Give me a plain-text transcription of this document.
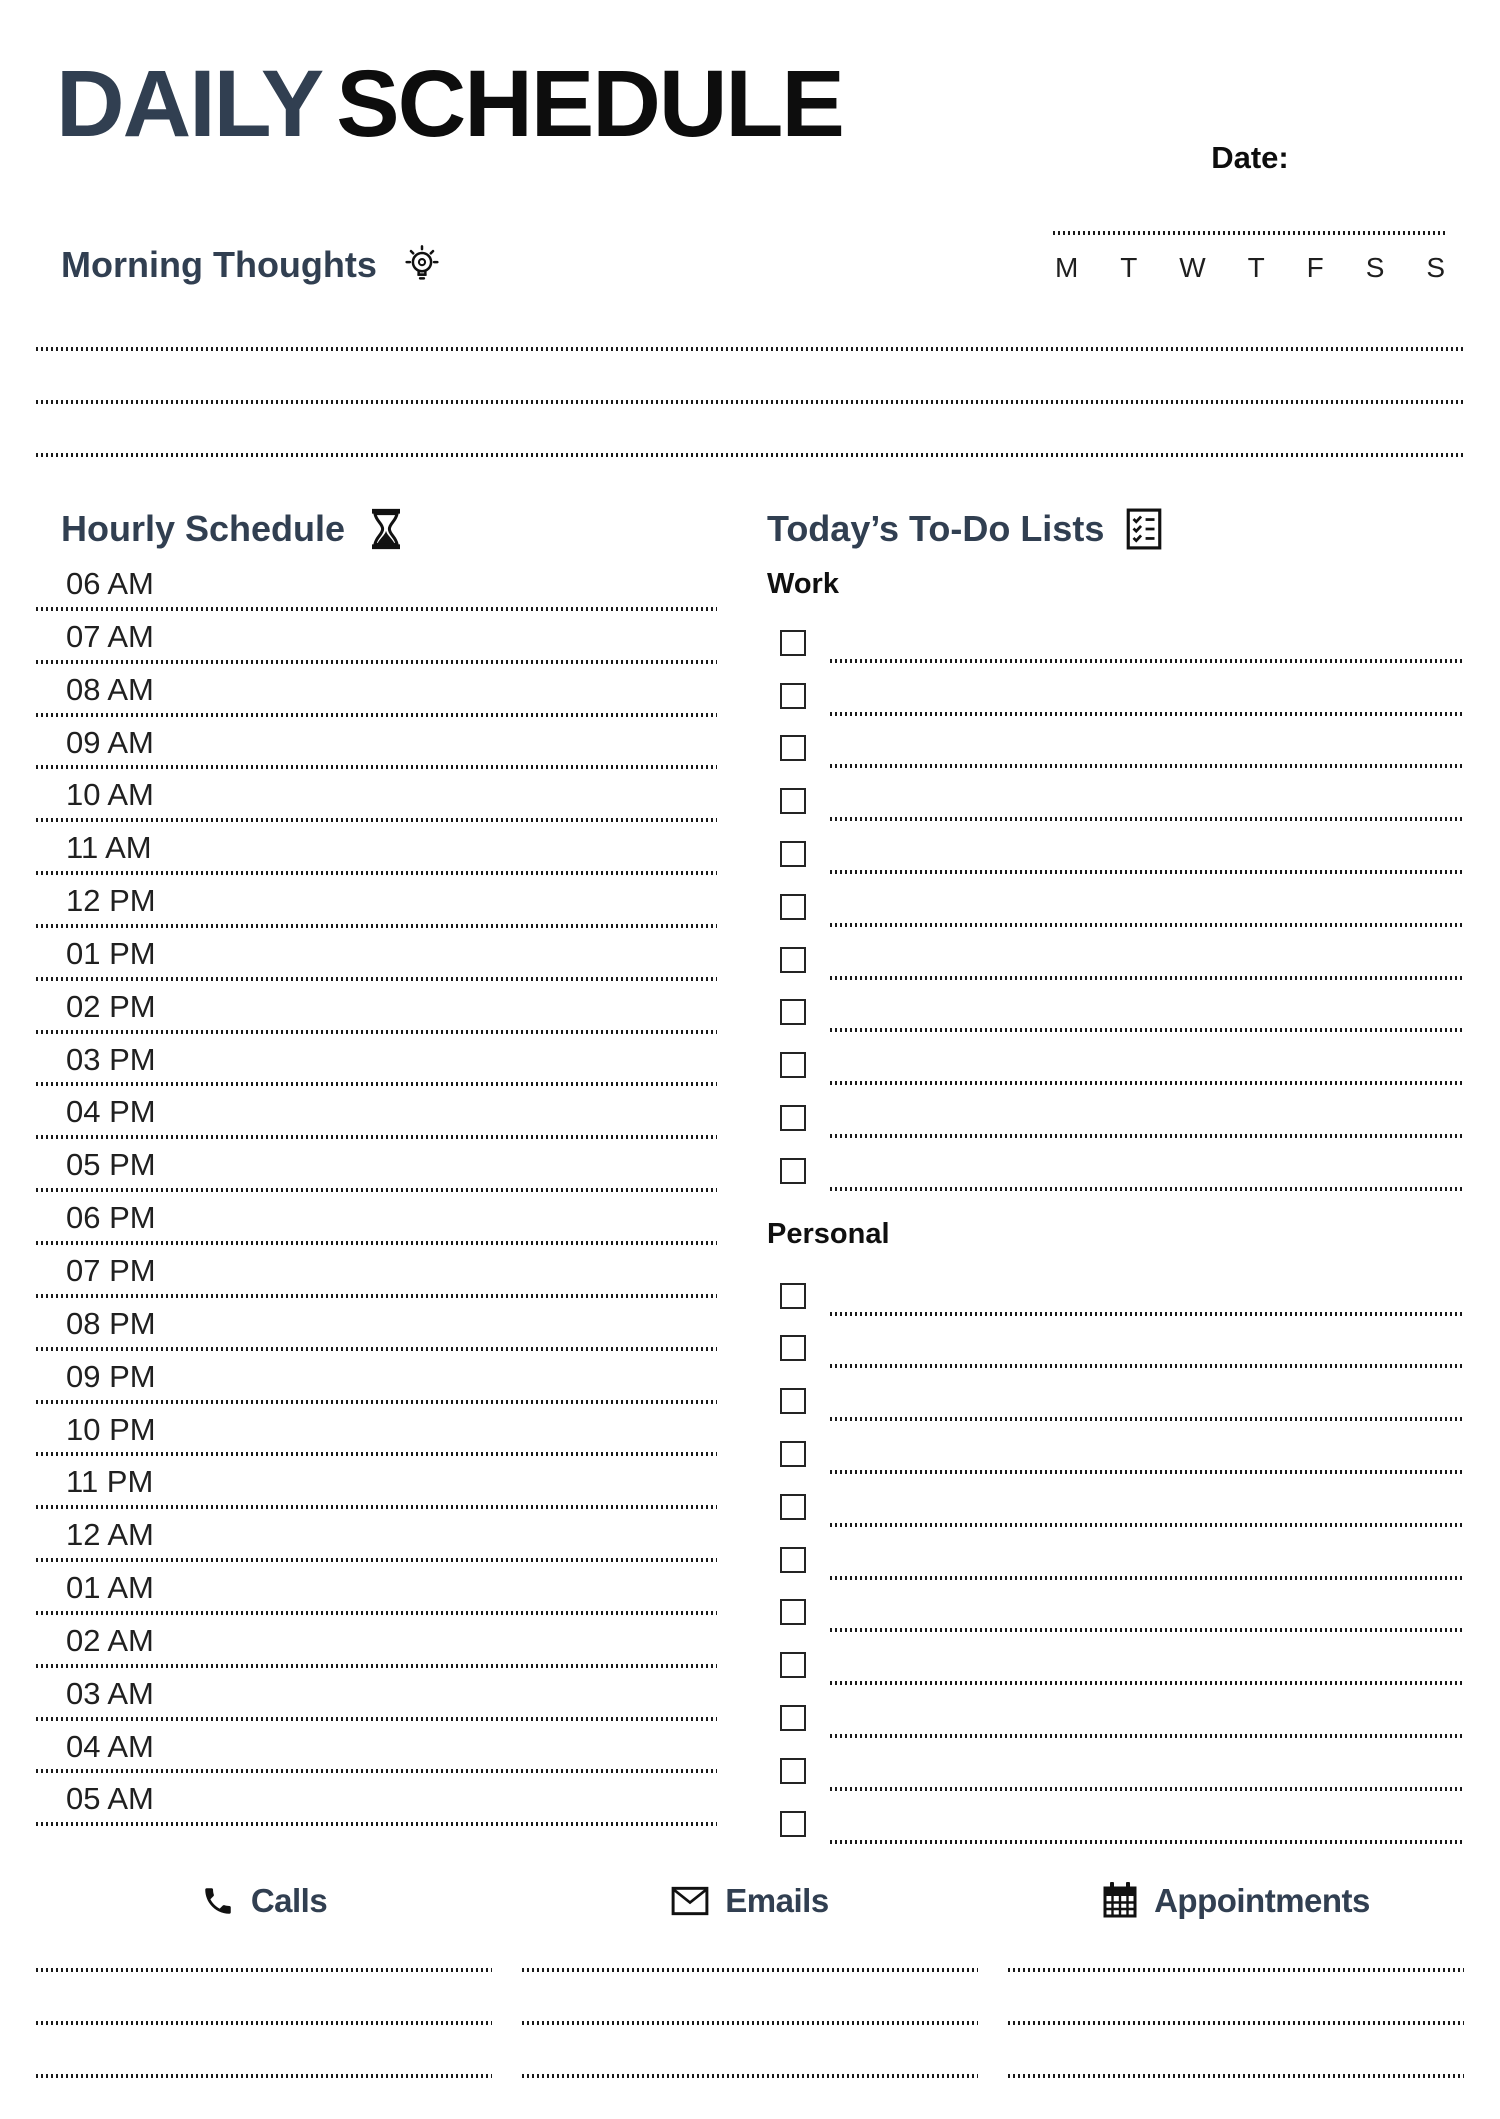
DAILY SCHEDULE
Date:
M T W T F S S
Morning Thoughts
Hourly Schedule
06 AM
07 AM
08 AM
09 AM
10 AM
11 AM
12 PM
01 PM
02 PM
03 PM
04 PM
05 PM
06 PM
07 PM
08 PM
09 PM
10 PM
11 PM
12 AM
01 AM
02 AM
03 AM
04 AM
05 AM
Today’s To-Do Lists
Work
Personal
Calls	Emails	Appointments
